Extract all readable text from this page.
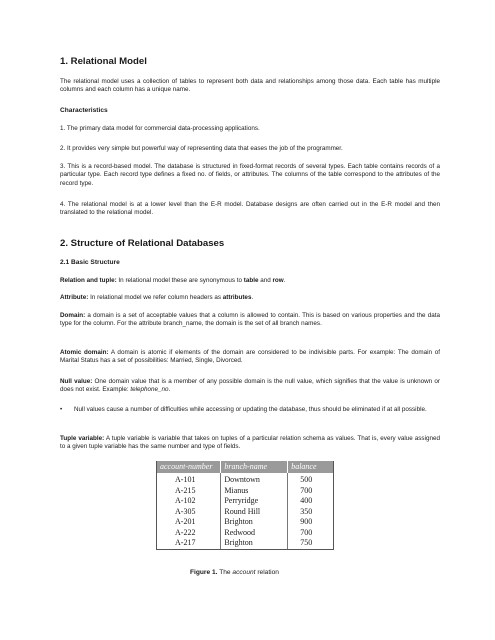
1. Relational Model

The relational model uses a collection of tables to represent both data and relationships among those data. Each table has multiple columns and each column has a unique name.

Characteristics

1. The primary data model for commercial data-processing applications.

2. It provides very simple but powerful way of representing data that eases the job of the programmer.

3. This is a record-based model. The database is structured in fixed-format records of several types. Each table contains records of a particular type. Each record type defines a fixed no. of fields, or attributes. The columns of the table correspond to the attributes of the record type.

4. The relational model is at a lower level than the E-R model. Database designs are often carried out in the E-R model and then translated to the relational model.

2. Structure of Relational Databases
2.1 Basic Structure

Relation and tuple: In relational model these are synonymous to table and row.

Attribute: In relational model we refer column headers as attributes.

Domain: a domain is a set of acceptable values that a column is allowed to contain. This is based on various properties and the data type for the column. For the attribute branch_name, the domain is the set of all branch names.

Atomic domain: A domain is atomic if elements of the domain are considered to be indivisible parts. For example: The domain of Marital Status has a set of possibilities: Married, Single, Divorced.

Null value: One domain value that is a member of any possible domain is the null value, which signifies that the value is unknown or does not exist. Example: telephone_no.

•	Null values cause a number of difficulties while accessing or updating the database, thus should be eliminated if at all possible.

Tuple variable: A tuple variable is variable that takes on tuples of a particular relation schema as values. That is, every value assigned to a given tuple variable has the same number and type of fields.

account-number	branch-name	balance
A-101	Downtown	500
A-215	Mianus	700
A-102	Perryridge	400
A-305	Round Hill	350
A-201	Brighton	900
A-222	Redwood	700
A-217	Brighton	750
Figure 1. The account relation
